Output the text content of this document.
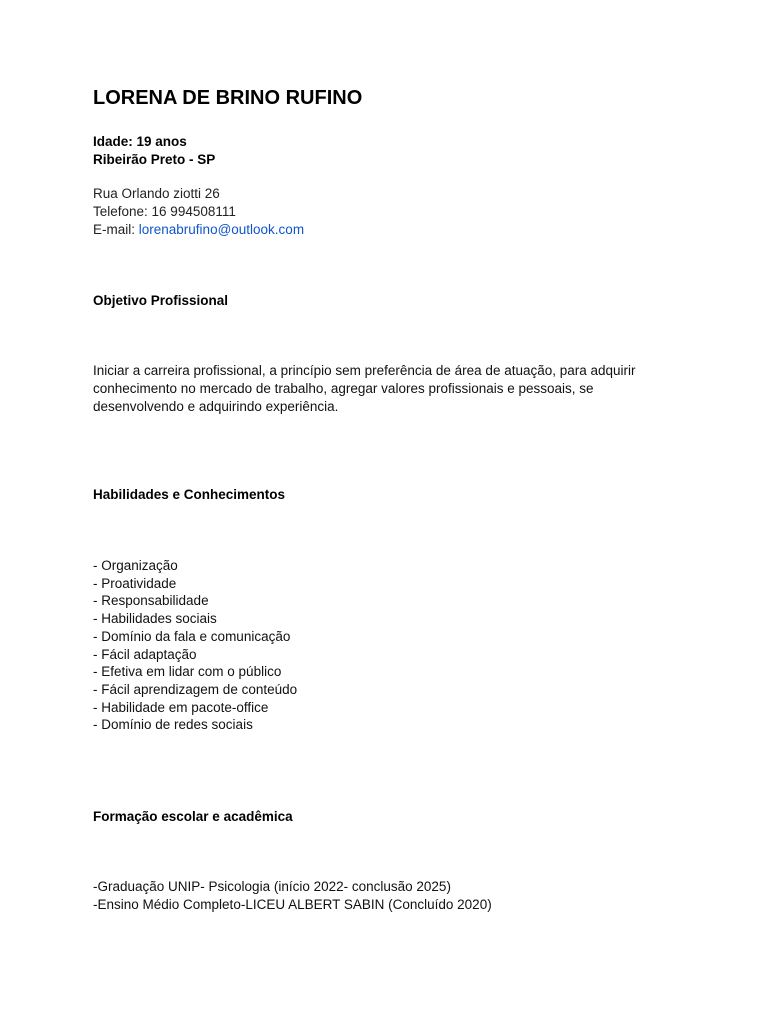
LORENA DE BRINO RUFINO
Idade: 19 anos
Ribeirão Preto - SP
Rua Orlando ziotti 26
Telefone: 16 994508111
E-mail: lorenabrufino@outlook.com
Objetivo Profissional
Iniciar a carreira profissional, a princípio sem preferência de área de atuação, para adquirir conhecimento no mercado de trabalho, agregar valores profissionais e pessoais, se desenvolvendo e adquirindo experiência.
Habilidades e Conhecimentos
- Organização
- Proatividade
- Responsabilidade
- Habilidades sociais
- Domínio da fala e comunicação
- Fácil adaptação
- Efetiva em lidar com o público
- Fácil aprendizagem de conteúdo
- Habilidade em pacote-office
- Domínio de redes sociais
Formação escolar e acadêmica
-Graduação UNIP- Psicologia (início 2022- conclusão 2025)
-Ensino Médio Completo-LICEU ALBERT SABIN (Concluído 2020)
